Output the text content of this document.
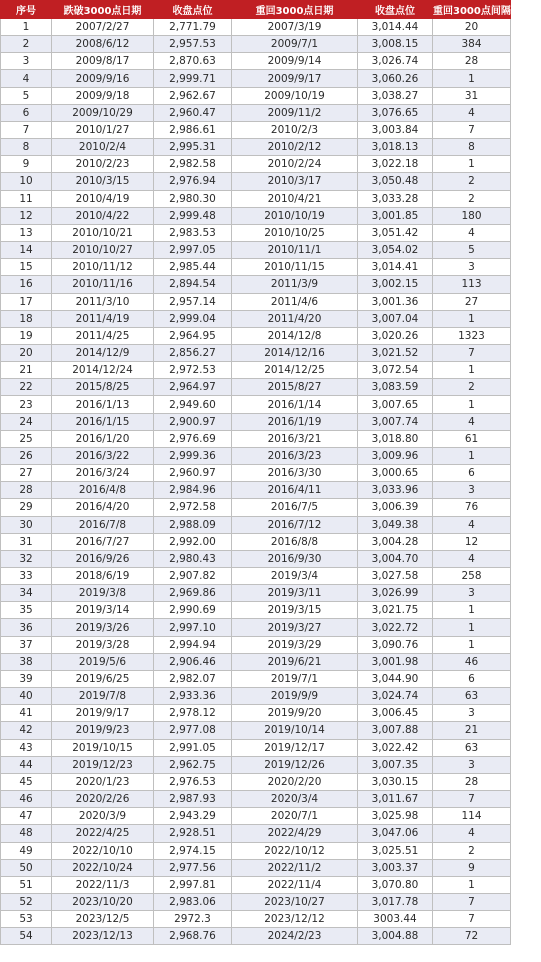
序号	跌破3000点日期	收盘点位	重回3000点日期	收盘点位	重回3000点间隔（天）
1	2007/2/27	2,771.79	2007/3/19	3,014.44	20
2	2008/6/12	2,957.53	2009/7/1	3,008.15	384
3	2009/8/17	2,870.63	2009/9/14	3,026.74	28
4	2009/9/16	2,999.71	2009/9/17	3,060.26	1
5	2009/9/18	2,962.67	2009/10/19	3,038.27	31
6	2009/10/29	2,960.47	2009/11/2	3,076.65	4
7	2010/1/27	2,986.61	2010/2/3	3,003.84	7
8	2010/2/4	2,995.31	2010/2/12	3,018.13	8
9	2010/2/23	2,982.58	2010/2/24	3,022.18	1
10	2010/3/15	2,976.94	2010/3/17	3,050.48	2
11	2010/4/19	2,980.30	2010/4/21	3,033.28	2
12	2010/4/22	2,999.48	2010/10/19	3,001.85	180
13	2010/10/21	2,983.53	2010/10/25	3,051.42	4
14	2010/10/27	2,997.05	2010/11/1	3,054.02	5
15	2010/11/12	2,985.44	2010/11/15	3,014.41	3
16	2010/11/16	2,894.54	2011/3/9	3,002.15	113
17	2011/3/10	2,957.14	2011/4/6	3,001.36	27
18	2011/4/19	2,999.04	2011/4/20	3,007.04	1
19	2011/4/25	2,964.95	2014/12/8	3,020.26	1323
20	2014/12/9	2,856.27	2014/12/16	3,021.52	7
21	2014/12/24	2,972.53	2014/12/25	3,072.54	1
22	2015/8/25	2,964.97	2015/8/27	3,083.59	2
23	2016/1/13	2,949.60	2016/1/14	3,007.65	1
24	2016/1/15	2,900.97	2016/1/19	3,007.74	4
25	2016/1/20	2,976.69	2016/3/21	3,018.80	61
26	2016/3/22	2,999.36	2016/3/23	3,009.96	1
27	2016/3/24	2,960.97	2016/3/30	3,000.65	6
28	2016/4/8	2,984.96	2016/4/11	3,033.96	3
29	2016/4/20	2,972.58	2016/7/5	3,006.39	76
30	2016/7/8	2,988.09	2016/7/12	3,049.38	4
31	2016/7/27	2,992.00	2016/8/8	3,004.28	12
32	2016/9/26	2,980.43	2016/9/30	3,004.70	4
33	2018/6/19	2,907.82	2019/3/4	3,027.58	258
34	2019/3/8	2,969.86	2019/3/11	3,026.99	3
35	2019/3/14	2,990.69	2019/3/15	3,021.75	1
36	2019/3/26	2,997.10	2019/3/27	3,022.72	1
37	2019/3/28	2,994.94	2019/3/29	3,090.76	1
38	2019/5/6	2,906.46	2019/6/21	3,001.98	46
39	2019/6/25	2,982.07	2019/7/1	3,044.90	6
40	2019/7/8	2,933.36	2019/9/9	3,024.74	63
41	2019/9/17	2,978.12	2019/9/20	3,006.45	3
42	2019/9/23	2,977.08	2019/10/14	3,007.88	21
43	2019/10/15	2,991.05	2019/12/17	3,022.42	63
44	2019/12/23	2,962.75	2019/12/26	3,007.35	3
45	2020/1/23	2,976.53	2020/2/20	3,030.15	28
46	2020/2/26	2,987.93	2020/3/4	3,011.67	7
47	2020/3/9	2,943.29	2020/7/1	3,025.98	114
48	2022/4/25	2,928.51	2022/4/29	3,047.06	4
49	2022/10/10	2,974.15	2022/10/12	3,025.51	2
50	2022/10/24	2,977.56	2022/11/2	3,003.37	9
51	2022/11/3	2,997.81	2022/11/4	3,070.80	1
52	2023/10/20	2,983.06	2023/10/27	3,017.78	7
53	2023/12/5	2972.3	2023/12/12	3003.44	7
54	2023/12/13	2,968.76	2024/2/23	3,004.88	72
